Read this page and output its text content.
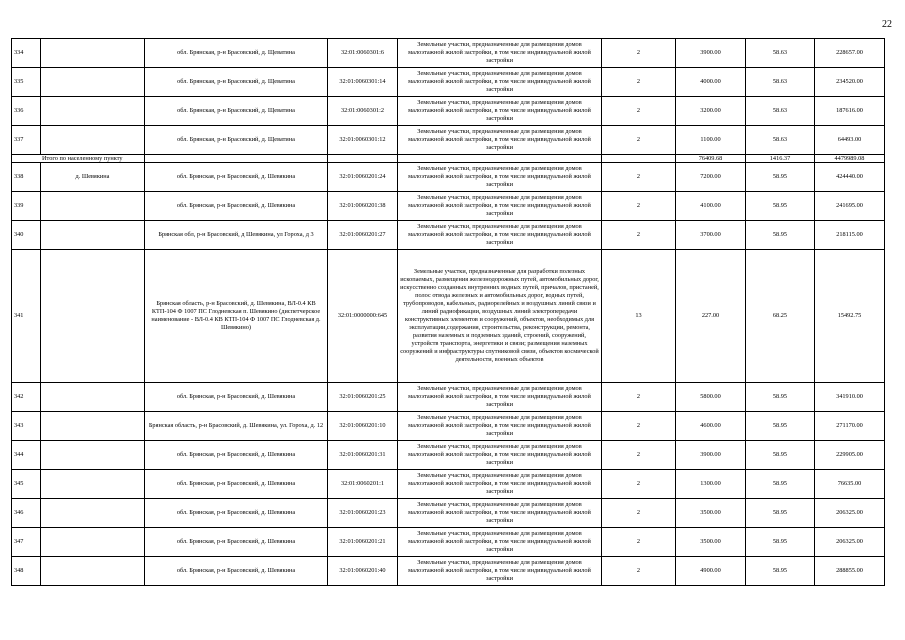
22
334		обл. Брянская, р-н Брасовский, д. Щеватина	32:01:0060301:6	Земельные участки, предназначенные для размещения домов малоэтажной жилой застройки, в том числе индивидуальной жилой застройки	2	3900.00	58.63	228657.00
335		обл. Брянская, р-н Брасовский, д. Щеватина	32:01:0060301:14	Земельные участки, предназначенные для размещения домов малоэтажной жилой застройки, в том числе индивидуальной жилой застройки	2	4000.00	58.63	234520.00
336		обл. Брянская, р-н Брасовский, д. Щеватина	32:01:0060301:2	Земельные участки, предназначенные для размещения домов малоэтажной жилой застройки, в том числе индивидуальной жилой застройки	2	3200.00	58.63	187616.00
337		обл. Брянская, р-н Брасовский, д. Щеватина	32:01:0060301:12	Земельные участки, предназначенные для размещения домов малоэтажной жилой застройки, в том числе индивидуальной жилой застройки	2	1100.00	58.63	64493.00
Итого по населенному пункту						76409.68	1416.37	4479989.08
338	д. Шевякина	обл. Брянская, р-н Брасовский, д. Шевякина	32:01:0060201:24	Земельные участки, предназначенные для размещения домов малоэтажной жилой застройки, в том числе индивидуальной жилой застройки	2	7200.00	58.95	424440.00
339		обл. Брянская, р-н Брасовский, д. Шевякина	32:01:0060201:38	Земельные участки, предназначенные для размещения домов малоэтажной жилой застройки, в том числе индивидуальной жилой застройки	2	4100.00	58.95	241695.00
340		Брянская обл, р-н Брасовский, д Шевякина, ул Гороха, д 3	32:01:0060201:27	Земельные участки, предназначенные для размещения домов малоэтажной жилой застройки, в том числе индивидуальной жилой застройки	2	3700.00	58.95	218115.00
341		Брянская область, р-н Брасовский, д. Шевякина, ВЛ-0.4 КВ КТП-104 Ф 1007 ПС Глодневская п. Шевякино (диспетчерское наименование - ВЛ-0.4 КВ КТП-104 Ф 1007 ПС Глодневская д. Шевякино)	32:01:0000000:645	Земельные участки, предназначенные для разработки полезных ископаемых, размещения железнодорожных путей, автомобильных дорог, искусственно созданных внутренних водных путей, причалов, пристаней, полос отвода железных и автомобильных дорог, водных путей, трубопроводов, кабельных, радиорелейных и воздушных линий связи и линий радиофикации, воздушных линий электропередачи конструктивных элементов и сооружений, объектов, необходимых для эксплуатации,содержания, строительства, реконструкции, ремонта, развития наземных и подземных зданий, строений, сооружений, устройств транспорта, энергетики и связи; размещения наземных сооружений и инфраструктуры спутниковой связи, объектов космической деятельности, военных объектов	13	227.00	68.25	15492.75
342		обл. Брянская, р-н Брасовский, д. Шевякина	32:01:0060201:25	Земельные участки, предназначенные для размещения домов малоэтажной жилой застройки, в том числе индивидуальной жилой застройки	2	5800.00	58.95	341910.00
343		Брянская область, р-н Брасовский, д. Шевякина, ул. Гороха, д. 12	32:01:0060201:10	Земельные участки, предназначенные для размещения домов малоэтажной жилой застройки, в том числе индивидуальной жилой застройки	2	4600.00	58.95	271170.00
344		обл. Брянская, р-н Брасовский, д. Шевякина	32:01:0060201:31	Земельные участки, предназначенные для размещения домов малоэтажной жилой застройки, в том числе индивидуальной жилой застройки	2	3900.00	58.95	229905.00
345		обл. Брянская, р-н Брасовский, д. Шевякина	32:01:0060201:1	Земельные участки, предназначенные для размещения домов малоэтажной жилой застройки, в том числе индивидуальной жилой застройки	2	1300.00	58.95	76635.00
346		обл. Брянская, р-н Брасовский, д. Шевякина	32:01:0060201:23	Земельные участки, предназначенные для размещения домов малоэтажной жилой застройки, в том числе индивидуальной жилой застройки	2	3500.00	58.95	206325.00
347		обл. Брянская, р-н Брасовский, д. Шевякина	32:01:0060201:21	Земельные участки, предназначенные для размещения домов малоэтажной жилой застройки, в том числе индивидуальной жилой застройки	2	3500.00	58.95	206325.00
348		обл. Брянская, р-н Брасовский, д. Шевякина	32:01:0060201:40	Земельные участки, предназначенные для размещения домов малоэтажной жилой застройки, в том числе индивидуальной жилой застройки	2	4900.00	58.95	288855.00
